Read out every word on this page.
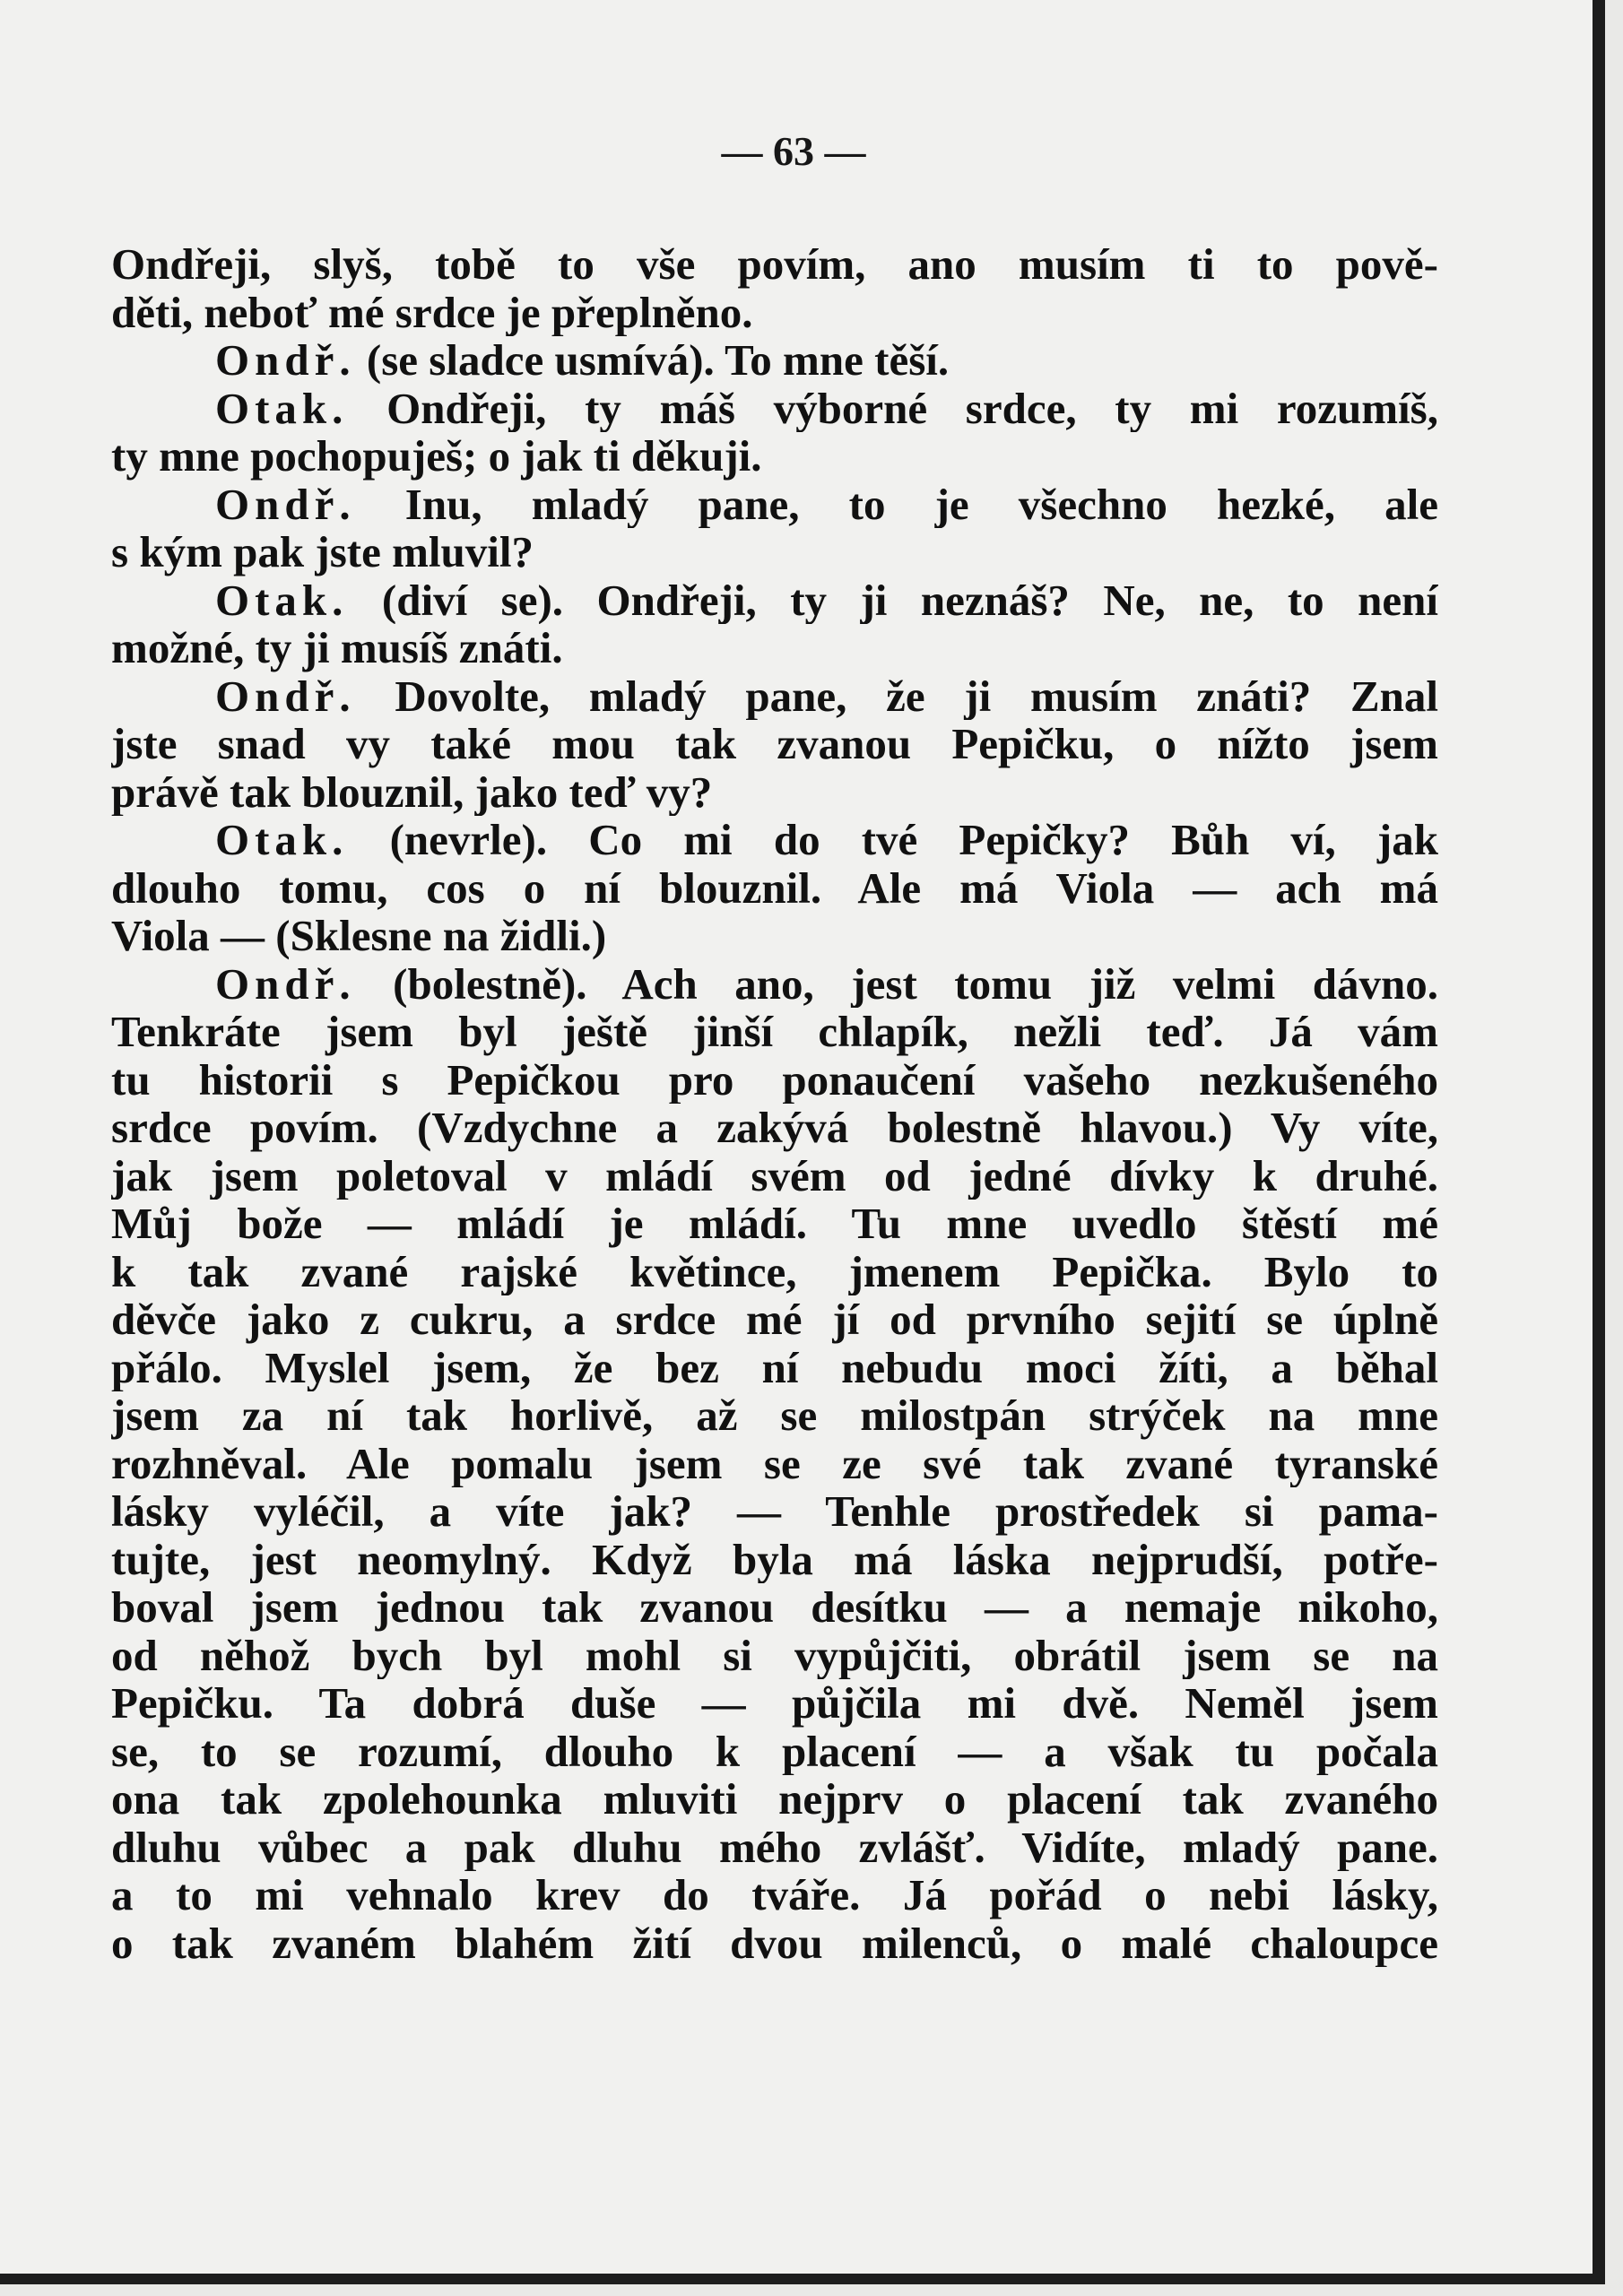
— 63 —
Ondřeji, slyš, tobě to vše povím, ano musím ti to pově-
děti, neboť mé srdce je přeplněno.
Ondř. (se sladce usmívá). To mne těší.
Otak. Ondřeji, ty máš výborné srdce, ty mi rozumíš,
ty mne pochopuješ; o jak ti děkuji.
Ondř. Inu, mladý pane, to je všechno hezké, ale
s kým pak jste mluvil?
Otak. (diví se). Ondřeji, ty ji neznáš? Ne, ne, to není
možné, ty ji musíš znáti.
Ondř. Dovolte, mladý pane, že ji musím znáti? Znal
jste snad vy také mou tak zvanou Pepičku, o nížto jsem
právě tak blouznil, jako teď vy?
Otak. (nevrle). Co mi do tvé Pepičky? Bůh ví, jak
dlouho tomu, cos o ní blouznil. Ale má Viola — ach má
Viola — (Sklesne na židli.)
Ondř. (bolestně). Ach ano, jest tomu již velmi dávno.
Tenkráte jsem byl ještě jinší chlapík, nežli teď. Já vám
tu historii s Pepičkou pro ponaučení vašeho nezkušeného
srdce povím. (Vzdychne a zakývá bolestně hlavou.) Vy víte,
jak jsem poletoval v mládí svém od jedné dívky k druhé.
Můj bože — mládí je mládí. Tu mne uvedlo štěstí mé
k tak zvané rajské květince, jmenem Pepička. Bylo to
děvče jako z cukru, a srdce mé jí od prvního sejití se úplně
přálo. Myslel jsem, že bez ní nebudu moci žíti, a běhal
jsem za ní tak horlivě, až se milostpán strýček na mne
rozhněval. Ale pomalu jsem se ze své tak zvané tyranské
lásky vyléčil, a víte jak? — Tenhle prostředek si pama-
tujte, jest neomylný. Když byla má láska nejprudší, potře-
boval jsem jednou tak zvanou desítku — a nemaje nikoho,
od něhož bych byl mohl si vypůjčiti, obrátil jsem se na
Pepičku. Ta dobrá duše — půjčila mi dvě. Neměl jsem
se, to se rozumí, dlouho k placení — a však tu počala
ona tak zpolehounka mluviti nejprv o placení tak zvaného
dluhu vůbec a pak dluhu mého zvlášť. Vidíte, mladý pane.
a to mi vehnalo krev do tváře. Já pořád o nebi lásky,
o tak zvaném blahém žití dvou milenců, o malé chaloupce
